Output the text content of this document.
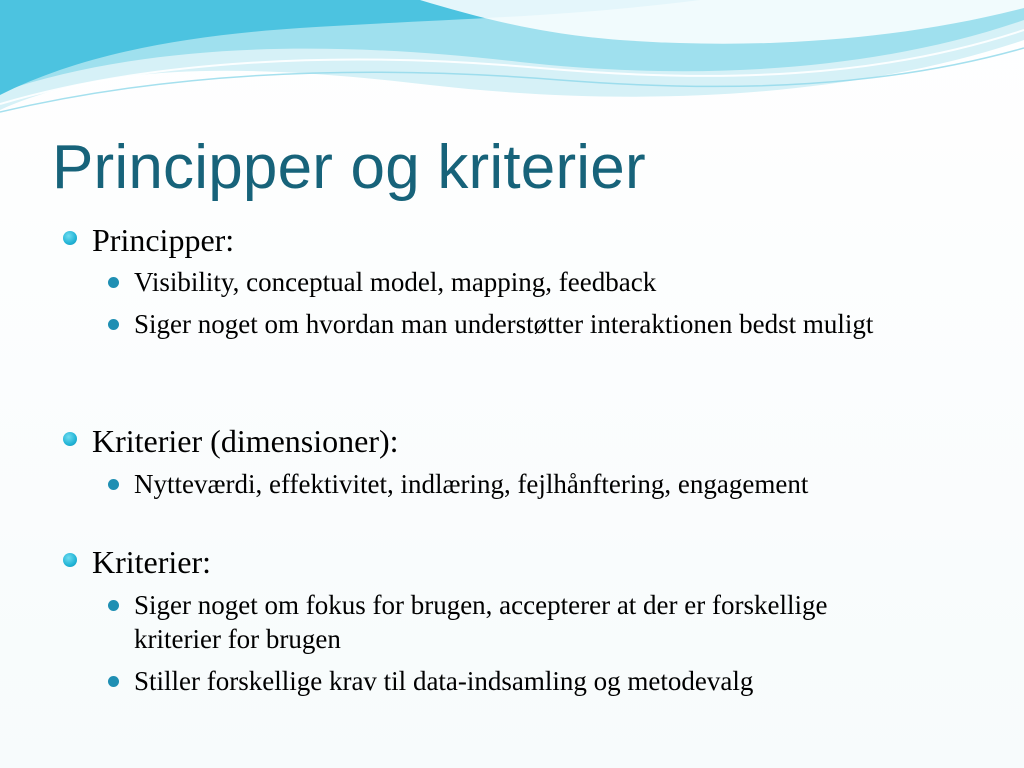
Principper og kriterier
Principper:
Visibility, conceptual model, mapping, feedback
Siger noget om hvordan man understøtter interaktionen bedst muligt
Kriterier (dimensioner):
Nytteværdi, effektivitet, indlæring, fejlhånftering, engagement
Kriterier:
Siger noget om fokus for brugen, accepterer at der er forskellige kriterier for brugen
Stiller forskellige krav til data-indsamling og metodevalg
